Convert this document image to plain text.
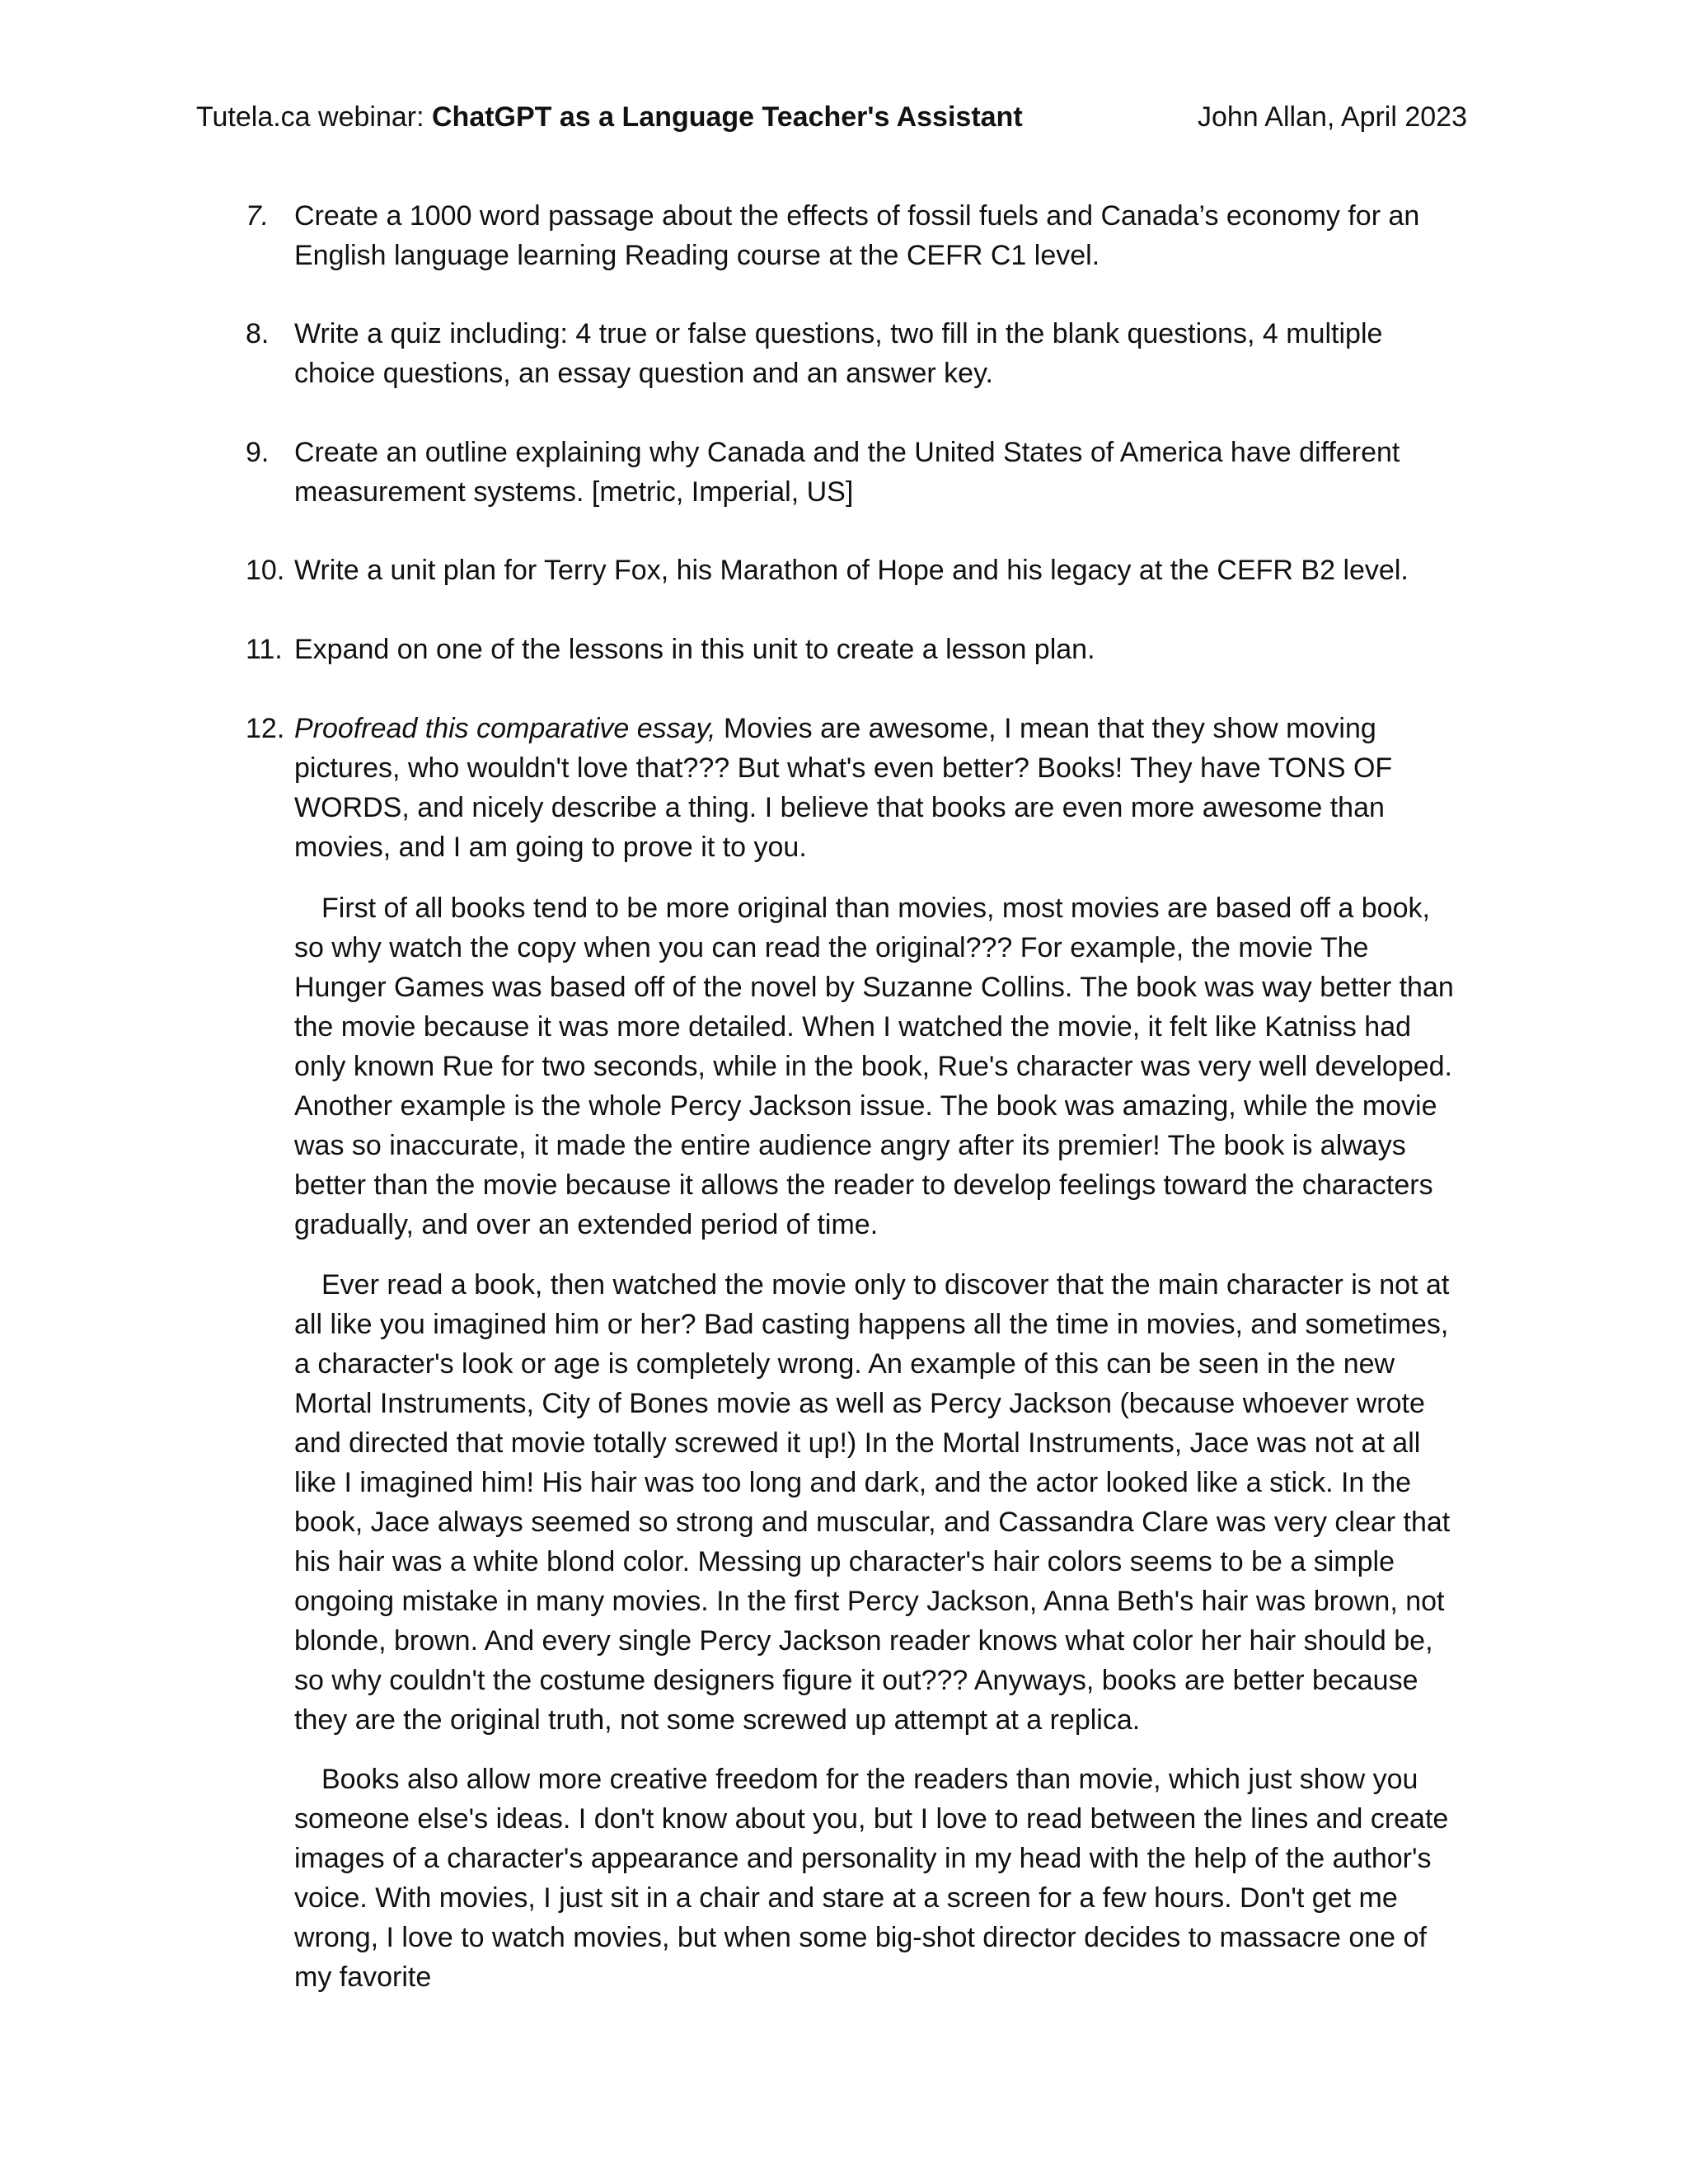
Tutela.ca webinar: ChatGPT as a Language Teacher's Assistant	John Allan, April 2023
7. Create a 1000 word passage about the effects of fossil fuels and Canada’s economy for an English language learning Reading course at the CEFR C1 level.
8. Write a quiz including: 4 true or false questions, two fill in the blank questions, 4 multiple choice questions, an essay question and an answer key.
9. Create an outline explaining why Canada and the United States of America have different measurement systems. [metric, Imperial, US]
10. Write a unit plan for Terry Fox, his Marathon of Hope and his legacy at the CEFR B2 level.
11. Expand on one of the lessons in this unit to create a lesson plan.
12. Proofread this comparative essay, Movies are awesome, I mean that they show moving pictures, who wouldn't love that??? But what's even better? Books! They have TONS OF WORDS, and nicely describe a thing. I believe that books are even more awesome than movies, and I am going to prove it to you.
First of all books tend to be more original than movies, most movies are based off a book, so why watch the copy when you can read the original??? For example, the movie The Hunger Games was based off of the novel by Suzanne Collins. The book was way better than the movie because it was more detailed. When I watched the movie, it felt like Katniss had only known Rue for two seconds, while in the book, Rue's character was very well developed. Another example is the whole Percy Jackson issue. The book was amazing, while the movie was so inaccurate, it made the entire audience angry after its premier! The book is always better than the movie because it allows the reader to develop feelings toward the characters gradually, and over an extended period of time.
Ever read a book, then watched the movie only to discover that the main character is not at all like you imagined him or her? Bad casting happens all the time in movies, and sometimes, a character's look or age is completely wrong. An example of this can be seen in the new Mortal Instruments, City of Bones movie as well as Percy Jackson (because whoever wrote and directed that movie totally screwed it up!) In the Mortal Instruments, Jace was not at all like I imagined him! His hair was too long and dark, and the actor looked like a stick. In the book, Jace always seemed so strong and muscular, and Cassandra Clare was very clear that his hair was a white blond color. Messing up character's hair colors seems to be a simple ongoing mistake in many movies. In the first Percy Jackson, Anna Beth's hair was brown, not blonde, brown. And every single Percy Jackson reader knows what color her hair should be, so why couldn't the costume designers figure it out??? Anyways, books are better because they are the original truth, not some screwed up attempt at a replica.
Books also allow more creative freedom for the readers than movie, which just show you someone else's ideas. I don't know about you, but I love to read between the lines and create images of a character's appearance and personality in my head with the help of the author's voice. With movies, I just sit in a chair and stare at a screen for a few hours. Don't get me wrong, I love to watch movies, but when some big-shot director decides to massacre one of my favorite
